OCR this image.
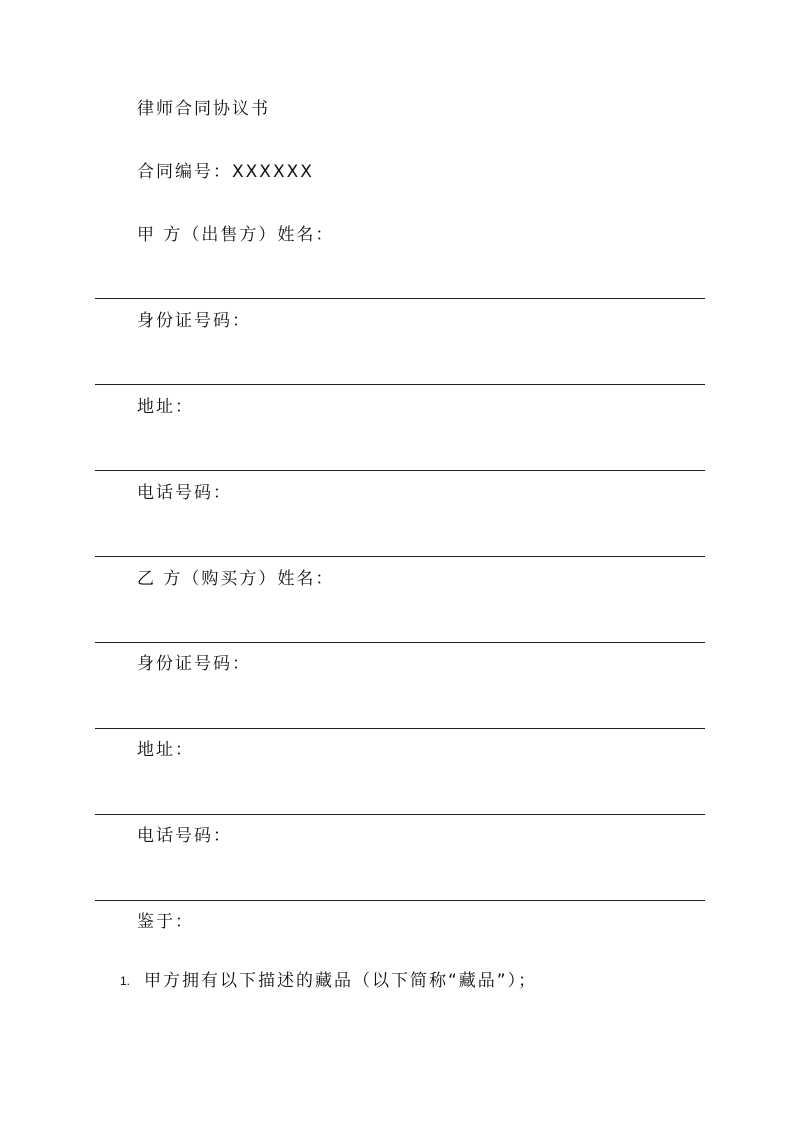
律师合同协议书
合同编号：XXXXXX
甲 方（出售方）姓名：
身份证号码：
地址：
电话号码：
乙 方（购买方）姓名：
身份证号码：
地址：
电话号码：
鉴于：
1. 甲方拥有以下描述的藏品（以下简称“藏品”）；
